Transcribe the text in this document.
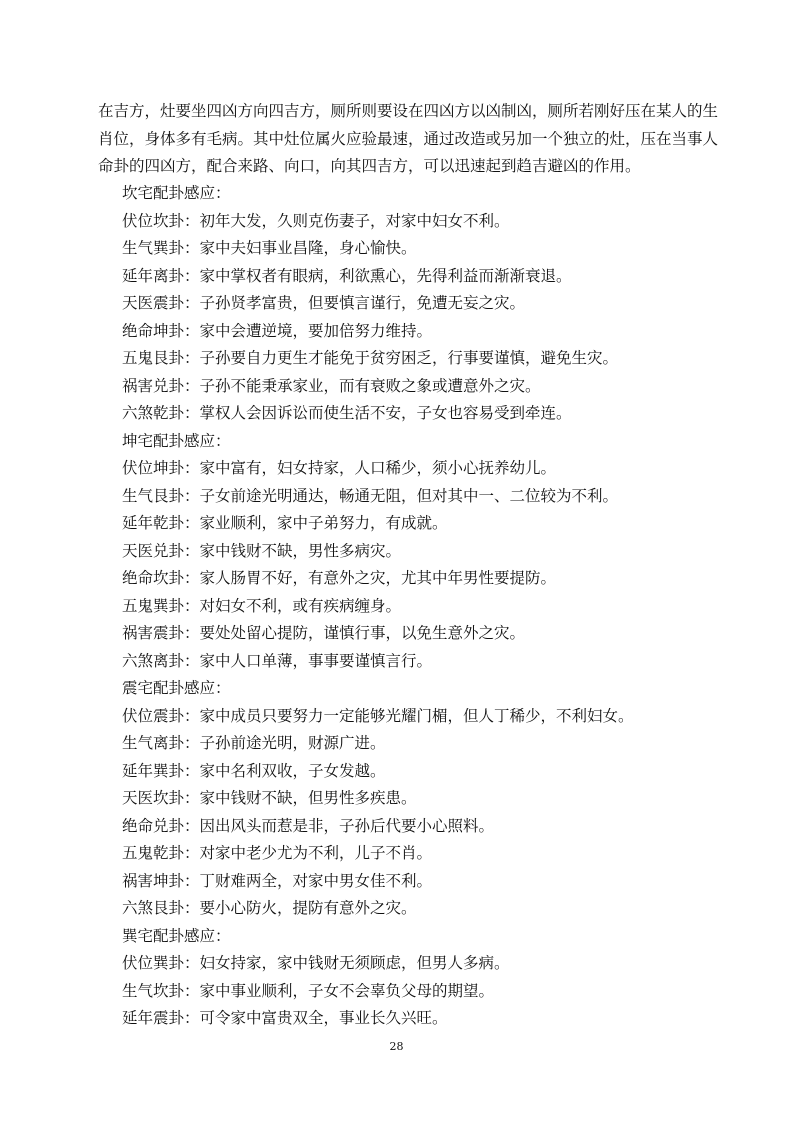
在吉方，灶要坐四凶方向四吉方，厕所则要设在四凶方以凶制凶，厕所若刚好压在某人的生肖位，身体多有毛病。其中灶位属火应验最速，通过改造或另加一个独立的灶，压在当事人命卦的四凶方，配合来路、向口，向其四吉方，可以迅速起到趋吉避凶的作用。

坎宅配卦感应：
伏位坎卦：初年大发，久则克伤妻子，对家中妇女不利。
生气巽卦：家中夫妇事业昌隆，身心愉快。
延年离卦：家中掌权者有眼病，利欲熏心，先得利益而渐渐衰退。
天医震卦：子孙贤孝富贵，但要慎言谨行，免遭无妄之灾。
绝命坤卦：家中会遭逆境，要加倍努力维持。
五鬼艮卦：子孙要自力更生才能免于贫穷困乏，行事要谨慎，避免生灾。
祸害兑卦：子孙不能秉承家业，而有衰败之象或遭意外之灾。
六煞乾卦：掌权人会因诉讼而使生活不安，子女也容易受到牵连。
坤宅配卦感应：
伏位坤卦：家中富有，妇女持家，人口稀少，须小心抚养幼儿。
生气艮卦：子女前途光明通达，畅通无阻，但对其中一、二位较为不利。
延年乾卦：家业顺利，家中子弟努力，有成就。
天医兑卦：家中钱财不缺，男性多病灾。
绝命坎卦：家人肠胃不好，有意外之灾，尤其中年男性要提防。
五鬼巽卦：对妇女不利，或有疾病缠身。
祸害震卦：要处处留心提防，谨慎行事，以免生意外之灾。
六煞离卦：家中人口单薄，事事要谨慎言行。
震宅配卦感应：
伏位震卦：家中成员只要努力一定能够光耀门楣，但人丁稀少，不利妇女。
生气离卦：子孙前途光明，财源广进。
延年巽卦：家中名利双收，子女发越。
天医坎卦：家中钱财不缺，但男性多疾患。
绝命兑卦：因出风头而惹是非，子孙后代要小心照料。
五鬼乾卦：对家中老少尤为不利，儿子不肖。
祸害坤卦：丁财难两全，对家中男女佳不利。
六煞艮卦：要小心防火，提防有意外之灾。
巽宅配卦感应：
伏位巽卦：妇女持家，家中钱财无须顾虑，但男人多病。
生气坎卦：家中事业顺利，子女不会辜负父母的期望。
延年震卦：可令家中富贵双全，事业长久兴旺。
28
